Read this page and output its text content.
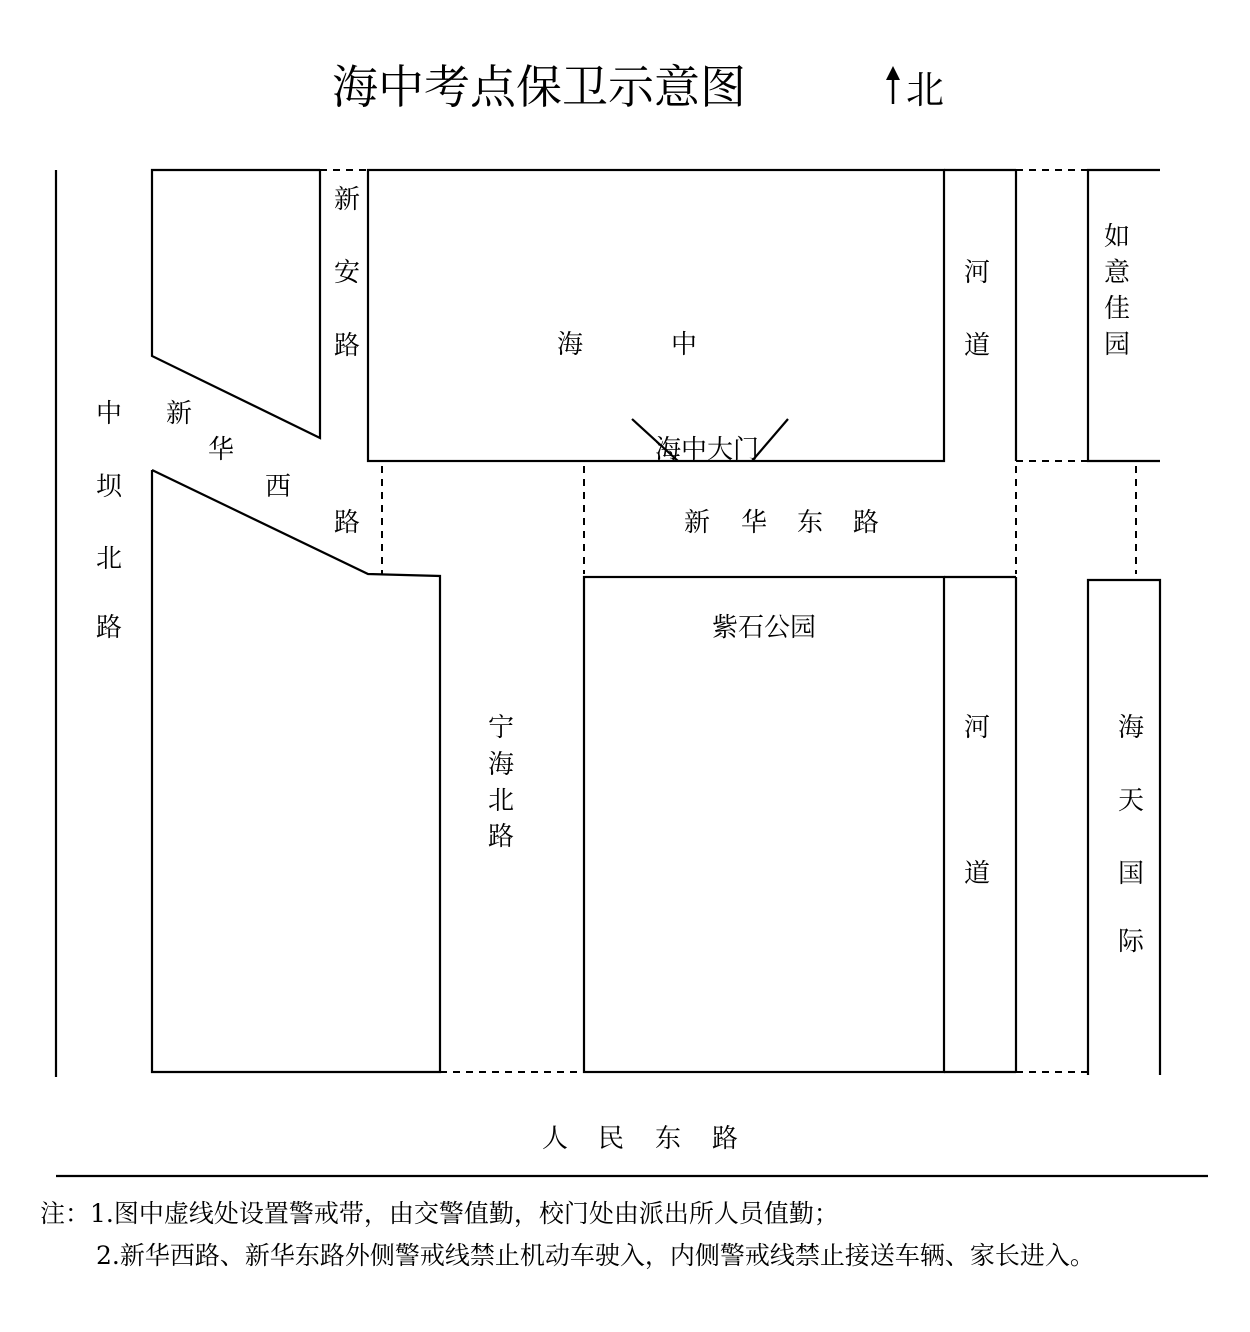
海中考点保卫示意图	北
新
安
路	海	中
河
道
如
意
佳
园
中
坝
北
路
新
华
西
路
海中大门
新 华 东 路
紫石公园
宁
海
北
路
河
道
海
天
国
际
人 民 东 路
注：1.图中虚线处设置警戒带，由交警值勤，校门处由派出所人员值勤；
2.新华西路、新华东路外侧警戒线禁止机动车驶入，内侧警戒线禁止接送车辆、家长进入。
